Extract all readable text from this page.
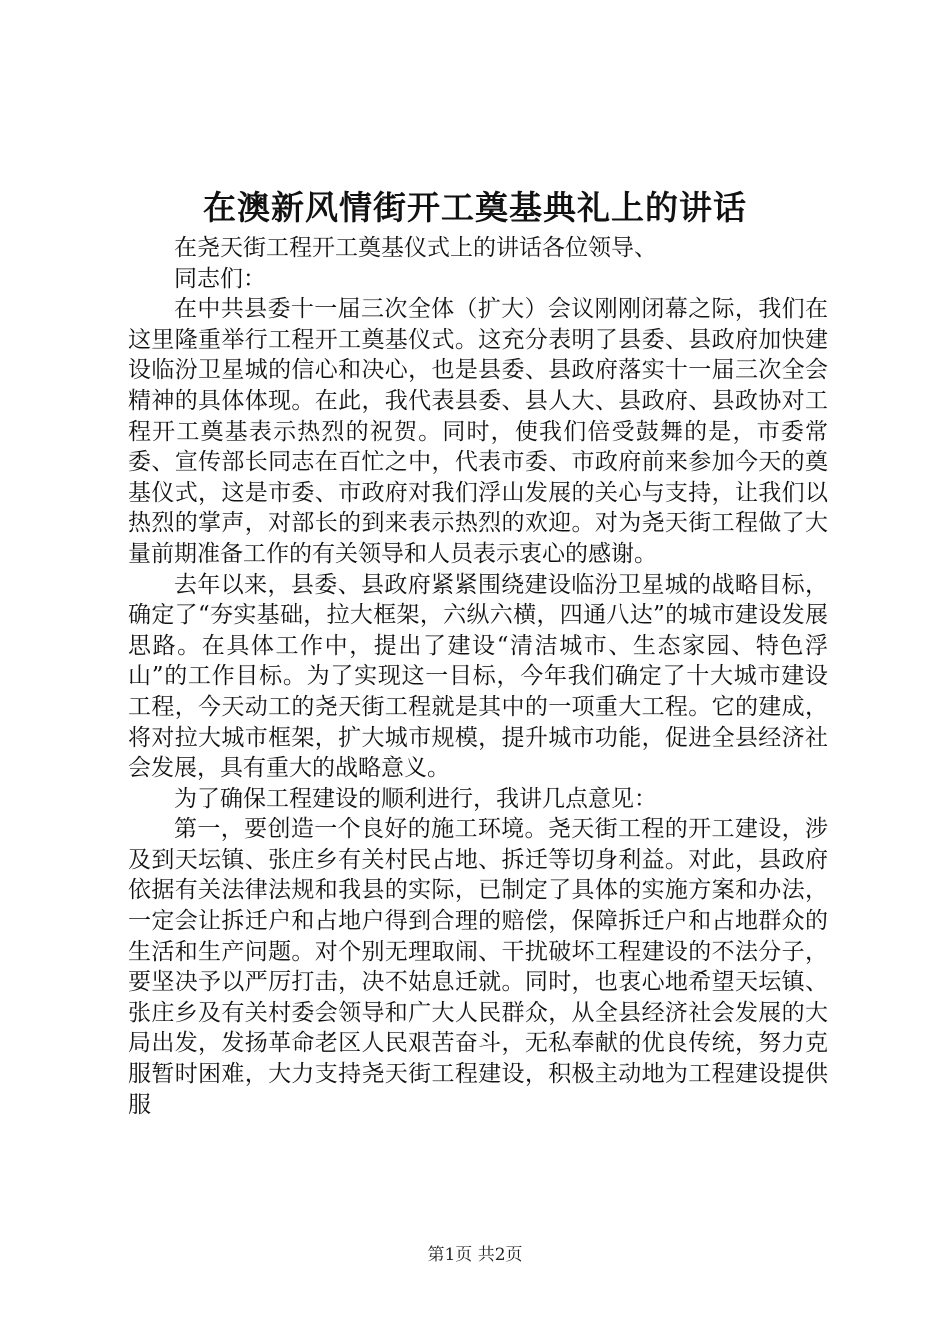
在澳新风情街开工奠基典礼上的讲话

在尧天街工程开工奠基仪式上的讲话各位领导、

同志们：

在中共县委十一届三次全体（扩大）会议刚刚闭幕之际，我们在这里隆重举行工程开工奠基仪式。这充分表明了县委、县政府加快建设临汾卫星城的信心和决心，也是县委、县政府落实十一届三次全会精神的具体体现。在此，我代表县委、县人大、县政府、县政协对工程开工奠基表示热烈的祝贺。同时，使我们倍受鼓舞的是，市委常委、宣传部长同志在百忙之中，代表市委、市政府前来参加今天的奠基仪式，这是市委、市政府对我们浮山发展的关心与支持，让我们以热烈的掌声，对部长的到来表示热烈的欢迎。对为尧天街工程做了大量前期准备工作的有关领导和人员表示衷心的感谢。

去年以来，县委、县政府紧紧围绕建设临汾卫星城的战略目标，确定了“夯实基础，拉大框架，六纵六横，四通八达”的城市建设发展思路。在具体工作中，提出了建设“清洁城市、生态家园、特色浮山”的工作目标。为了实现这一目标，今年我们确定了十大城市建设工程，今天动工的尧天街工程就是其中的一项重大工程。它的建成，将对拉大城市框架，扩大城市规模，提升城市功能，促进全县经济社会发展，具有重大的战略意义。

为了确保工程建设的顺利进行，我讲几点意见：

第一，要创造一个良好的施工环境。尧天街工程的开工建设，涉及到天坛镇、张庄乡有关村民占地、拆迁等切身利益。对此，县政府依据有关法律法规和我县的实际，已制定了具体的实施方案和办法，一定会让拆迁户和占地户得到合理的赔偿，保障拆迁户和占地群众的生活和生产问题。对个别无理取闹、干扰破坏工程建设的不法分子，要坚决予以严厉打击，决不姑息迁就。同时，也衷心地希望天坛镇、张庄乡及有关村委会领导和广大人民群众，从全县经济社会发展的大局出发，发扬革命老区人民艰苦奋斗，无私奉献的优良传统，努力克服暂时困难，大力支持尧天街工程建设，积极主动地为工程建设提供服

第1页 共2页
